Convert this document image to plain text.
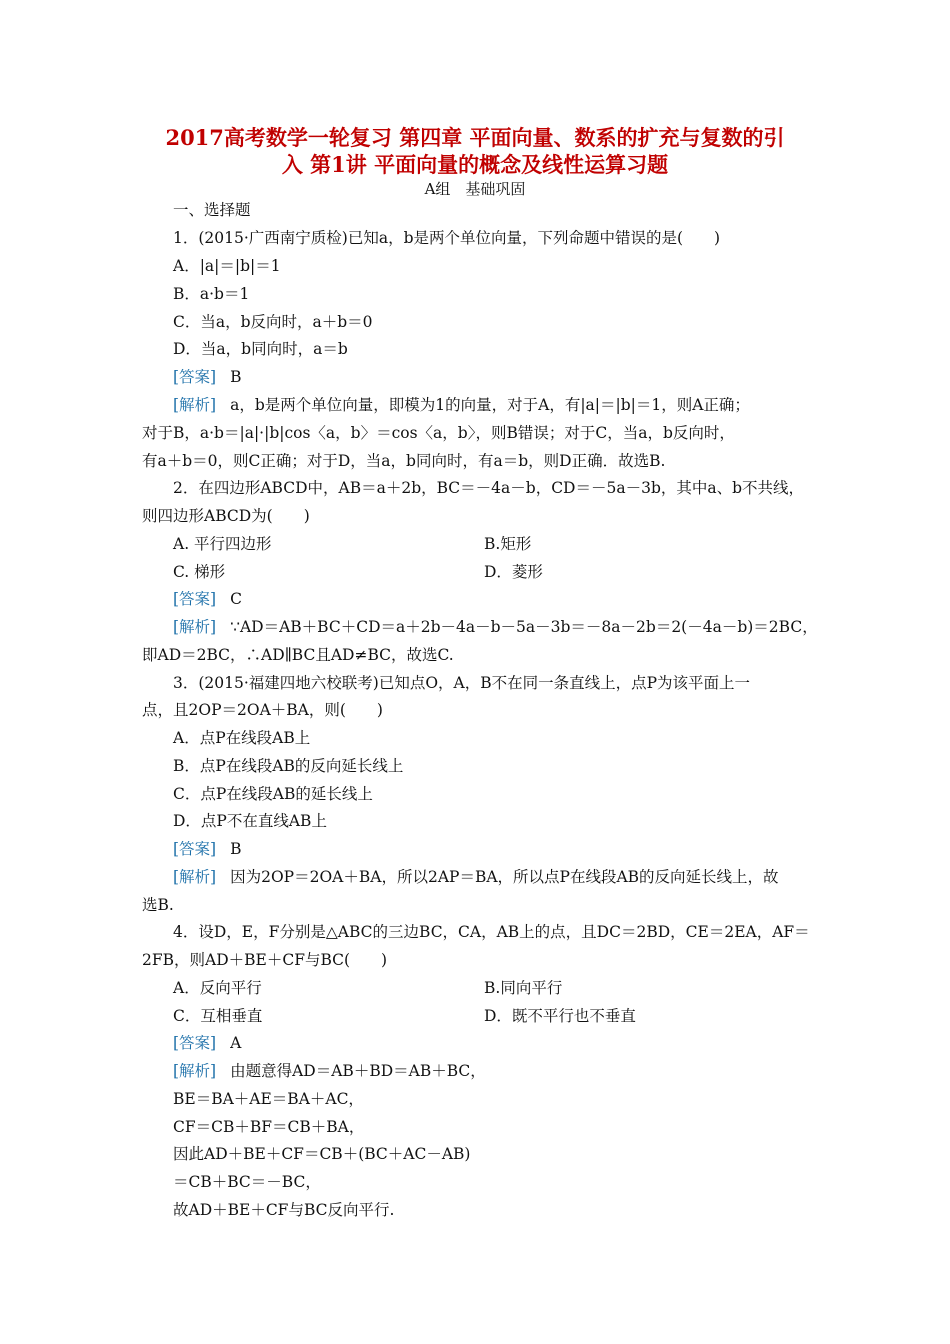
2017高考数学一轮复习 第四章 平面向量、数系的扩充与复数的引
入 第1讲 平面向量的概念及线性运算习题
A组　基础巩固
一、选择题
1．(2015·广西南宁质检)已知a，b是两个单位向量，下列命题中错误的是(　　)
A．|a|＝|b|＝1
B．a·b＝1
C．当a，b反向时，a＋b＝0
D．当a，b同向时，a＝b
[答案] B
[解析] a，b是两个单位向量，即模为1的向量，对于A，有|a|＝|b|＝1，则A正确；
对于B，a·b＝|a|·|b|cos〈a，b〉＝cos〈a，b〉，则B错误；对于C，当a，b反向时，
有a＋b＝0，则C正确；对于D，当a，b同向时，有a＝b，则D正确．故选B.
2．在四边形ABCD中，AB＝a＋2b，BC＝－4a－b，CD＝－5a－3b，其中a、b不共线，
则四边形ABCD为(　　)
A. 平行四边形	B.矩形
C. 梯形	D．菱形
[答案] C
[解析] ∵AD＝AB＋BC＋CD＝a＋2b－4a－b－5a－3b＝－8a－2b＝2(－4a－b)＝2BC，
即AD＝2BC，∴AD∥BC且AD≠BC，故选C.
3．(2015·福建四地六校联考)已知点O，A，B不在同一条直线上，点P为该平面上一
点，且2OP＝2OA＋BA，则(　　)
A．点P在线段AB上
B．点P在线段AB的反向延长线上
C．点P在线段AB的延长线上
D．点P不在直线AB上
[答案] B
[解析] 因为2OP＝2OA＋BA，所以2AP＝BA，所以点P在线段AB的反向延长线上，故
选B.
4．设D，E，F分别是△ABC的三边BC，CA，AB上的点，且DC＝2BD，CE＝2EA，AF＝
2FB，则AD＋BE＋CF与BC(　　)
A．反向平行	B.同向平行
C．互相垂直	D．既不平行也不垂直
[答案] A
[解析] 由题意得AD＝AB＋BD＝AB＋BC，
BE＝BA＋AE＝BA＋AC，
CF＝CB＋BF＝CB＋BA，
因此AD＋BE＋CF＝CB＋(BC＋AC－AB)
＝CB＋BC＝－BC，
故AD＋BE＋CF与BC反向平行.
